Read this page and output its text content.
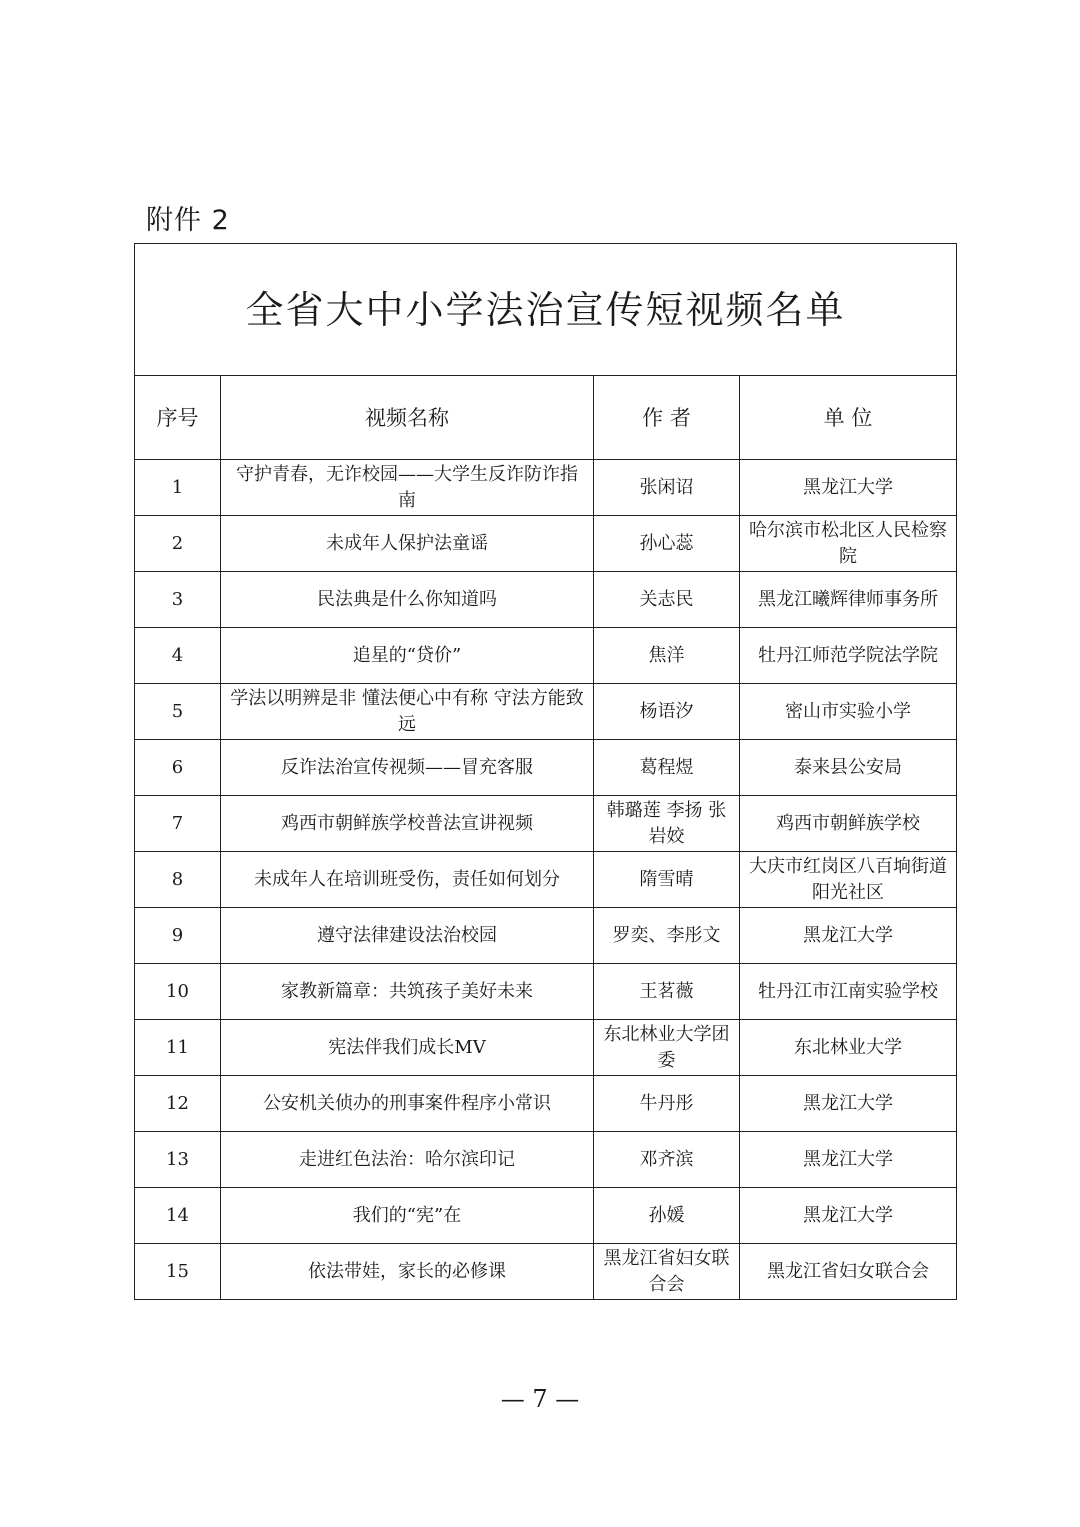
附件 2
全省大中小学法治宣传短视频名单			
序号	视频名称	作 者	单 位
1	守护青春，无诈校园——大学生反诈防诈指南	张闲诏	黑龙江大学
2	未成年人保护法童谣	孙心蕊	哈尔滨市松北区人民检察院
3	民法典是什么你知道吗	关志民	黑龙江曦辉律师事务所
4	追星的“贷价”	焦洋	牡丹江师范学院法学院
5	学法以明辨是非 懂法便心中有称 守法方能致远	杨语汐	密山市实验小学
6	反诈法治宣传视频——冒充客服	葛程煜	泰来县公安局
7	鸡西市朝鲜族学校普法宣讲视频	韩璐莲 李扬 张岩姣	鸡西市朝鲜族学校
8	未成年人在培训班受伤，责任如何划分	隋雪晴	大庆市红岗区八百垧街道阳光社区
9	遵守法律建设法治校园	罗奕、李彤文	黑龙江大学
10	家教新篇章：共筑孩子美好未来	王茗薇	牡丹江市江南实验学校
11	宪法伴我们成长MV	东北林业大学团委	东北林业大学
12	公安机关侦办的刑事案件程序小常识	牛丹彤	黑龙江大学
13	走进红色法治：哈尔滨印记	邓齐滨	黑龙江大学
14	我们的“宪”在	孙媛	黑龙江大学
15	依法带娃，家长的必修课	黑龙江省妇女联合会	黑龙江省妇女联合会
— 7 —
